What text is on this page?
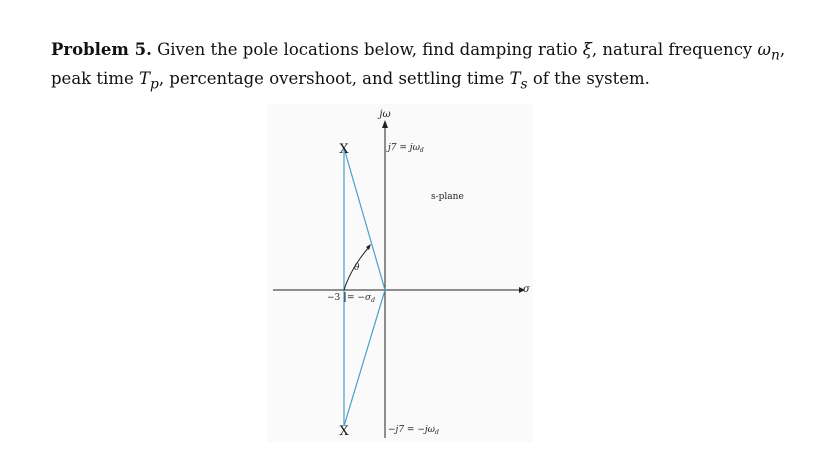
Problem 5. Given the pole locations below, find damping ratio ξ, natural frequency $\omega_n$,
peak time $T_p$, percentage overshoot, and settling time $T_s$ of the system.
X
X
jω
σ
s-plane
$j7 = j\omega_d$
$-j7 = -j\omega_d$
$-3 = -\sigma_d$
θ
